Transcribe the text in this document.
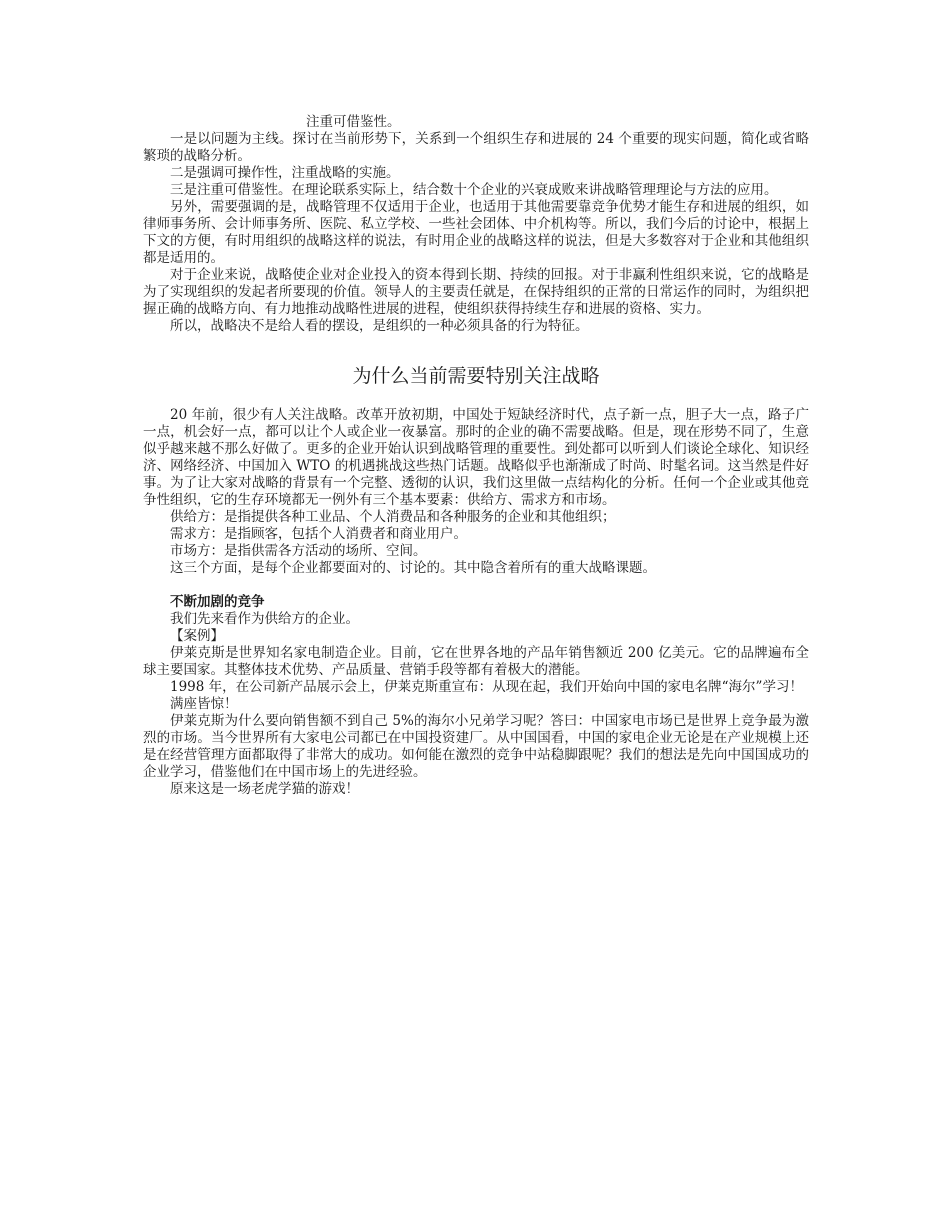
注重可借鉴性。

一是以问题为主线。探讨在当前形势下，关系到一个组织生存和进展的 24 个重要的现实问题，简化或省略繁琐的战略分析。

二是强调可操作性，注重战略的实施。

三是注重可借鉴性。在理论联系实际上，结合数十个企业的兴衰成败来讲战略管理理论与方法的应用。

另外，需要强调的是，战略管理不仅适用于企业，也适用于其他需要靠竞争优势才能生存和进展的组织，如律师事务所、会计师事务所、医院、私立学校、一些社会团体、中介机构等。所以，我们今后的讨论中，根据上下文的方便，有时用组织的战略这样的说法，有时用企业的战略这样的说法，但是大多数容对于企业和其他组织都是适用的。

对于企业来说，战略使企业对企业投入的资本得到长期、持续的回报。对于非赢利性组织来说，它的战略是为了实现组织的发起者所要现的价值。领导人的主要责任就是，在保持组织的正常的日常运作的同时，为组织把握正确的战略方向、有力地推动战略性进展的进程，使组织获得持续生存和进展的资格、实力。

所以，战略决不是给人看的摆设，是组织的一种必须具备的行为特征。

为什么当前需要特别关注战略

20 年前，很少有人关注战略。改革开放初期，中国处于短缺经济时代，点子新一点，胆子大一点，路子广一点，机会好一点，都可以让个人或企业一夜暴富。那时的企业的确不需要战略。但是，现在形势不同了，生意似乎越来越不那么好做了。更多的企业开始认识到战略管理的重要性。到处都可以听到人们谈论全球化、知识经济、网络经济、中国加入 WTO 的机遇挑战这些热门话题。战略似乎也渐渐成了时尚、时髦名词。这当然是件好事。为了让大家对战略的背景有一个完整、透彻的认识，我们这里做一点结构化的分析。任何一个企业或其他竞争性组织，它的生存环境都无一例外有三个基本要素：供给方、需求方和市场。

供给方：是指提供各种工业品、个人消费品和各种服务的企业和其他组织；

需求方：是指顾客，包括个人消费者和商业用户。

市场方：是指供需各方活动的场所、空间。

这三个方面，是每个企业都要面对的、讨论的。其中隐含着所有的重大战略课题。

不断加剧的竞争

我们先来看作为供给方的企业。

【案例】

伊莱克斯是世界知名家电制造企业。目前，它在世界各地的产品年销售额近 200 亿美元。它的品牌遍布全球主要国家。其整体技术优势、产品质量、营销手段等都有着极大的潜能。

1998 年，在公司新产品展示会上，伊莱克斯重宣布：从现在起，我们开始向中国的家电名牌“海尔”学习！

满座皆惊！

伊莱克斯为什么要向销售额不到自己 5%的海尔小兄弟学习呢？答曰：中国家电市场已是世界上竞争最为激烈的市场。当今世界所有大家电公司都已在中国投资建厂。从中国国看，中国的家电企业无论是在产业规模上还是在经营管理方面都取得了非常大的成功。如何能在激烈的竞争中站稳脚跟呢？我们的想法是先向中国国成功的企业学习，借鉴他们在中国市场上的先进经验。

原来这是一场老虎学猫的游戏！
